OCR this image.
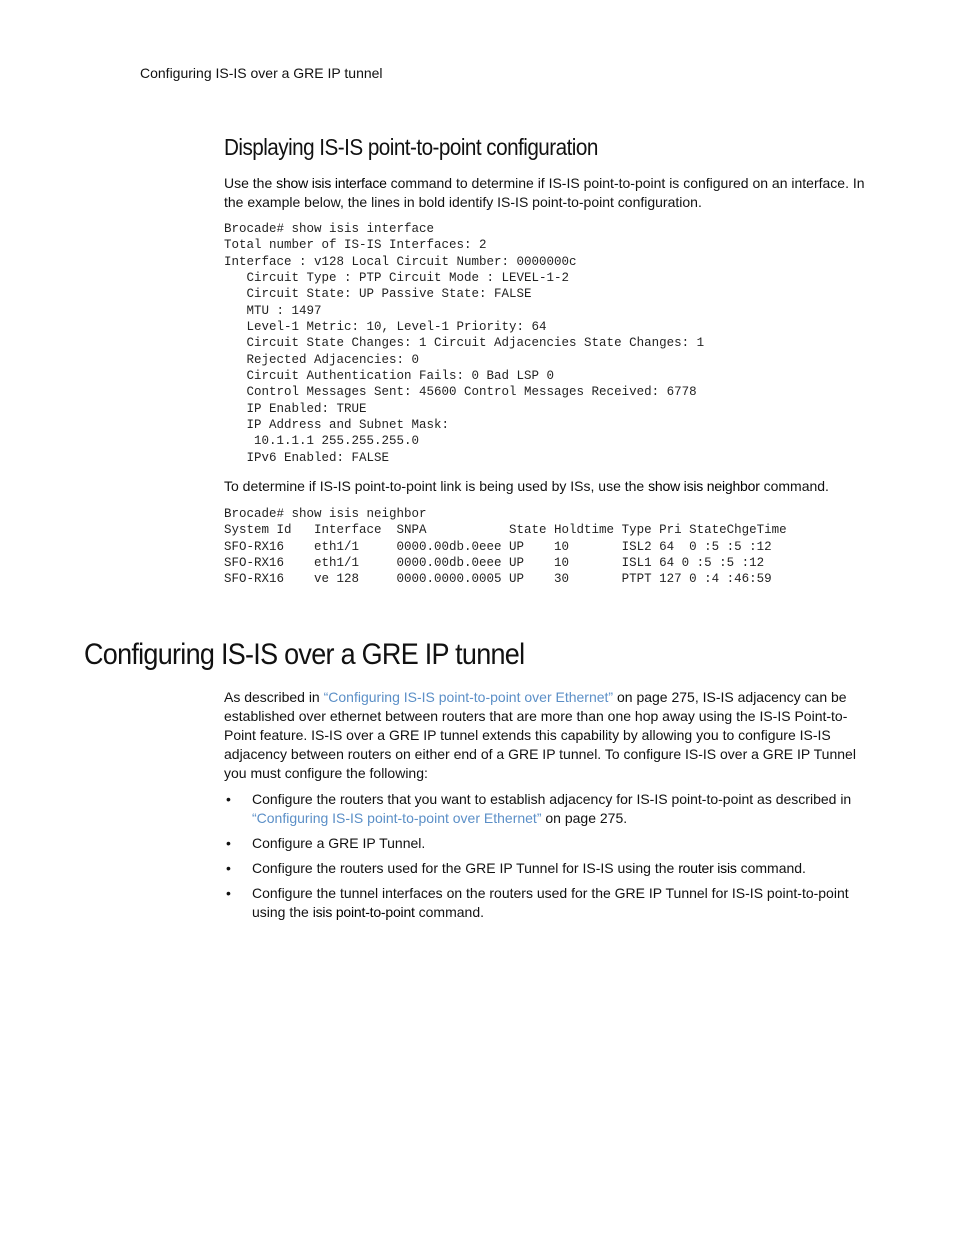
Configuring IS-IS over a GRE IP tunnel
Displaying IS-IS point-to-point configuration

Use the show isis interface command to determine if IS-IS point-to-point is configured on an interface. In the example below, the lines in bold identify IS-IS point-to-point configuration.

Brocade# show isis interface
Total number of IS-IS Interfaces: 2
Interface : v128 Local Circuit Number: 0000000c
Circuit Type : PTP Circuit Mode : LEVEL-1-2
Circuit State: UP Passive State: FALSE
MTU : 1497
Level-1 Metric: 10, Level-1 Priority: 64
Circuit State Changes: 1 Circuit Adjacencies State Changes: 1
Rejected Adjacencies: 0
Circuit Authentication Fails: 0 Bad LSP 0
Control Messages Sent: 45600 Control Messages Received: 6778
IP Enabled: TRUE
IP Address and Subnet Mask:
10.1.1.1 255.255.255.0
IPv6 Enabled: FALSE

To determine if IS-IS point-to-point link is being used by ISs, use the show isis neighbor command.

Brocade# show isis neighbor
System Id   Interface  SNPA           State Holdtime Type Pri StateChgeTime
SFO-RX16    eth1/1     0000.00db.0eee UP    10       ISL2 64  0 :5 :5 :12
SFO-RX16    eth1/1     0000.00db.0eee UP    10       ISL1 64 0 :5 :5 :12
SFO-RX16    ve 128     0000.0000.0005 UP    30       PTPT 127 0 :4 :46:59
Configuring IS-IS over a GRE IP tunnel

As described in “Configuring IS-IS point-to-point over Ethernet” on page 275, IS-IS adjacency can be established over ethernet between routers that are more than one hop away using the IS-IS Point-to-Point feature. IS-IS over a GRE IP tunnel extends this capability by allowing you to configure IS-IS adjacency between routers on either end of a GRE IP tunnel. To configure IS-IS over a GRE IP Tunnel you must configure the following:

• Configure the routers that you want to establish adjacency for IS-IS point-to-point as described in “Configuring IS-IS point-to-point over Ethernet” on page 275.
• Configure a GRE IP Tunnel.
• Configure the routers used for the GRE IP Tunnel for IS-IS using the router isis command.
• Configure the tunnel interfaces on the routers used for the GRE IP Tunnel for IS-IS point-to-point using the isis point-to-point command.
